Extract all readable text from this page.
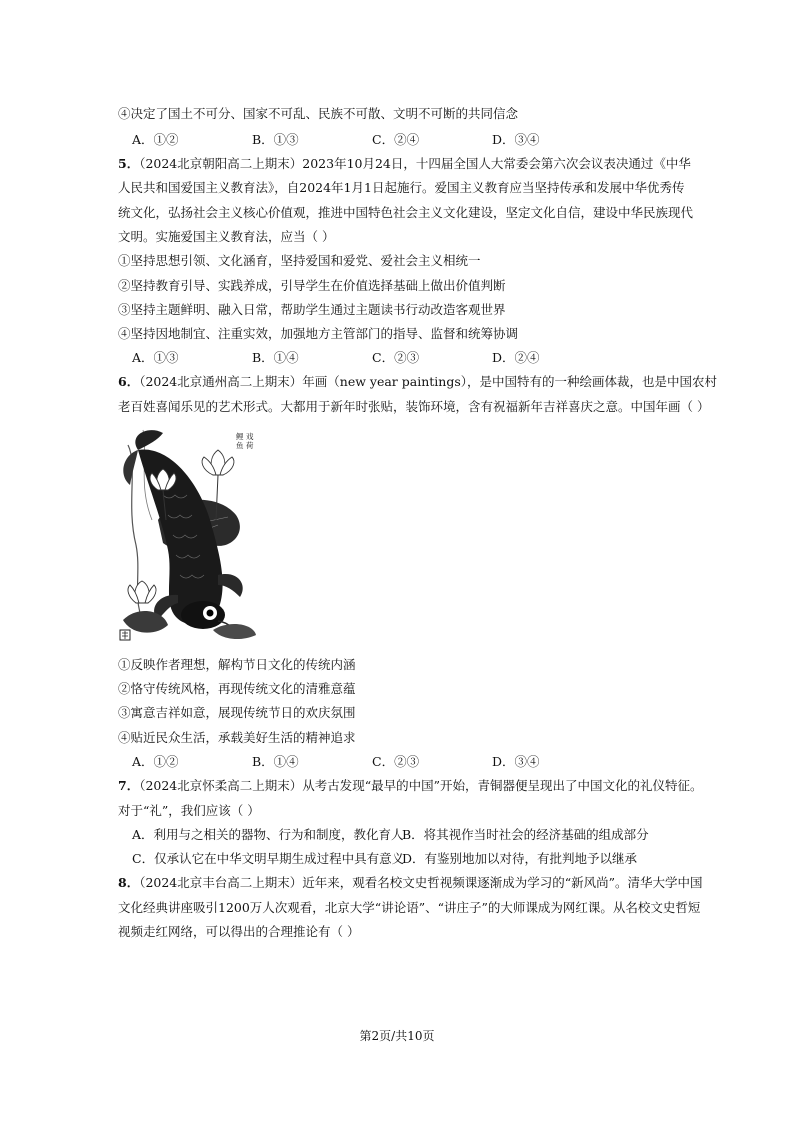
④决定了国土不可分、国家不可乱、民族不可散、文明不可断的共同信念
A．①②	B．①③	C．②④	D．③④
5．（2024北京朝阳高二上期末）2023年10月24日，十四届全国人大常委会第六次会议表决通过《中华
人民共和国爱国主义教育法》，自2024年1月1日起施行。爱国主义教育应当坚持传承和发展中华优秀传
统文化，弘扬社会主义核心价值观，推进中国特色社会主义文化建设，坚定文化自信，建设中华民族现代
文明。实施爱国主义教育法，应当（ ）
①坚持思想引领、文化涵育，坚持爱国和爱党、爱社会主义相统一
②坚持教育引导、实践养成，引导学生在价值选择基础上做出价值判断
③坚持主题鲜明、融入日常，帮助学生通过主题读书行动改造客观世界
④坚持因地制宜、注重实效，加强地方主管部门的指导、监督和统筹协调
A．①③	B．①④	C．②③	D．②④
6．（2024北京通州高二上期末）年画（new year paintings），是中国特有的一种绘画体裁，也是中国农村
老百姓喜闻乐见的艺术形式。大都用于新年时张贴，装饰环境，含有祝福新年吉祥喜庆之意。中国年画（ ）
鲤
鱼
戏
荷
①反映作者理想，解构节日文化的传统内涵
②恪守传统风格，再现传统文化的清雅意蕴
③寓意吉祥如意，展现传统节日的欢庆氛围
④贴近民众生活，承载美好生活的精神追求
A．①②	B．①④	C．②③	D．③④
7．（2024北京怀柔高二上期末）从考古发现“最早的中国”开始，青铜器便呈现出了中国文化的礼仪特征。
对于“礼”，我们应该（ ）
A．利用与之相关的器物、行为和制度，教化育人B．将其视作当时社会的经济基础的组成部分
C．仅承认它在中华文明早期生成过程中具有意义D．有鉴别地加以对待，有批判地予以继承
8．（2024北京丰台高二上期末）近年来，观看名校文史哲视频课逐渐成为学习的“新风尚”。清华大学中国
文化经典讲座吸引1200万人次观看，北京大学“讲论语”、“讲庄子”的大师课成为网红课。从名校文史哲短
视频走红网络，可以得出的合理推论有（ ）
第2页/共10页
